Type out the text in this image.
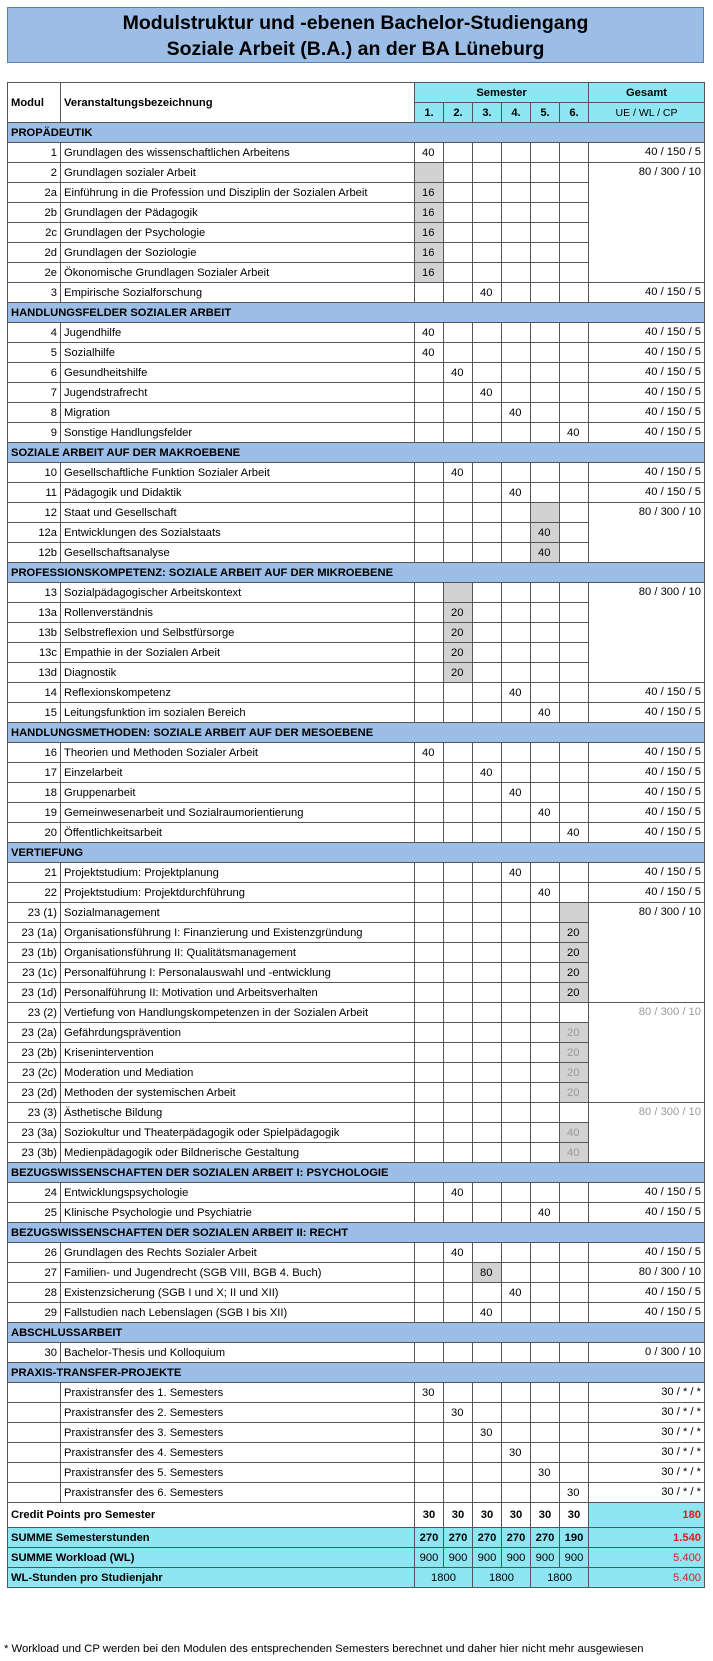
Modulstruktur und -ebenen Bachelor-Studiengang
Soziale Arbeit (B.A.) an der BA Lüneburg
Modul	Veranstaltungsbezeichnung	Semester						Gesamt
		1.	2.	3.	4.	5.	6.	UE / WL / CP
PROPÄDEUTIK								
1	Grundlagen des wissenschaftlichen Arbeitens	40						40 / 150 / 5
2	Grundlagen sozialer Arbeit							80 / 300 / 10
2a	Einführung in die Profession und Disziplin der Sozialen Arbeit	16						
2b	Grundlagen der Pädagogik	16						
2c	Grundlagen der Psychologie	16						
2d	Grundlagen der Soziologie	16						
2e	Ökonomische Grundlagen Sozialer Arbeit	16						
3	Empirische Sozialforschung			40				40 / 150 / 5
HANDLUNGSFELDER SOZIALER ARBEIT								
4	Jugendhilfe	40						40 / 150 / 5
5	Sozialhilfe	40						40 / 150 / 5
6	Gesundheitshilfe		40					40 / 150 / 5
7	Jugendstrafrecht			40				40 / 150 / 5
8	Migration				40			40 / 150 / 5
9	Sonstige Handlungsfelder						40	40 / 150 / 5
SOZIALE ARBEIT AUF DER MAKROEBENE								
10	Gesellschaftliche Funktion Sozialer Arbeit		40					40 / 150 / 5
11	Pädagogik und Didaktik				40			40 / 150 / 5
12	Staat und Gesellschaft							80 / 300 / 10
12a	Entwicklungen des Sozialstaats					40		
12b	Gesellschaftsanalyse					40		
PROFESSIONSKOMPETENZ: SOZIALE ARBEIT AUF DER MIKROEBENE								
13	Sozialpädagogischer Arbeitskontext							80 / 300 / 10
13a	Rollenverständnis		20					
13b	Selbstreflexion und Selbstfürsorge		20					
13c	Empathie in der Sozialen Arbeit		20					
13d	Diagnostik		20					
14	Reflexionskompetenz				40			40 / 150 / 5
15	Leitungsfunktion im sozialen Bereich					40		40 / 150 / 5
HANDLUNGSMETHODEN: SOZIALE ARBEIT AUF DER MESOEBENE								
16	Theorien und Methoden Sozialer Arbeit	40						40 / 150 / 5
17	Einzelarbeit			40				40 / 150 / 5
18	Gruppenarbeit				40			40 / 150 / 5
19	Gemeinwesenarbeit und Sozialraumorientierung					40		40 / 150 / 5
20	Öffentlichkeitsarbeit						40	40 / 150 / 5
VERTIEFUNG								
21	Projektstudium: Projektplanung				40			40 / 150 / 5
22	Projektstudium: Projektdurchführung					40		40 / 150 / 5
23 (1)	Sozialmanagement							80 / 300 / 10
23 (1a)	Organisationsführung I: Finanzierung und Existenzgründung						20	
23 (1b)	Organisationsführung II: Qualitätsmanagement						20	
23 (1c)	Personalführung I: Personalauswahl und -entwicklung						20	
23 (1d)	Personalführung II: Motivation und Arbeitsverhalten						20	
23 (2)	Vertiefung von Handlungskompetenzen in der Sozialen Arbeit							80 / 300 / 10
23 (2a)	Gefährdungsprävention						20	
23 (2b)	Krisenintervention						20	
23 (2c)	Moderation und Mediation						20	
23 (2d)	Methoden der systemischen Arbeit						20	
23 (3)	Ästhetische Bildung							80 / 300 / 10
23 (3a)	Soziokultur und Theaterpädagogik oder Spielpädagogik						40	
23 (3b)	Medienpädagogik oder Bildnerische Gestaltung						40	
BEZUGSWISSENSCHAFTEN DER SOZIALEN ARBEIT I: PSYCHOLOGIE								
24	Entwicklungspsychologie		40					40 / 150 / 5
25	Klinische Psychologie und Psychiatrie					40		40 / 150 / 5
BEZUGSWISSENSCHAFTEN DER SOZIALEN ARBEIT II: RECHT								
26	Grundlagen des Rechts Sozialer Arbeit		40					40 / 150 / 5
27	Familien- und Jugendrecht (SGB VIII, BGB 4. Buch)			80				80 / 300 / 10
28	Existenzsicherung (SGB I und X; II und XII)				40			40 / 150 / 5
29	Fallstudien nach Lebenslagen (SGB I bis XII)			40				40 / 150 / 5
ABSCHLUSSARBEIT								
30	Bachelor-Thesis und Kolloquium							0 / 300 / 10
PRAXIS-TRANSFER-PROJEKTE								
	Praxistransfer des 1. Semesters	30						30 / * / *
	Praxistransfer des 2. Semesters		30					30 / * / *
	Praxistransfer des 3. Semesters			30				30 / * / *
	Praxistransfer des 4. Semesters				30			30 / * / *
	Praxistransfer des 5. Semesters					30		30 / * / *
	Praxistransfer des 6. Semesters						30	30 / * / *
Credit Points pro Semester		30	30	30	30	30	30	180
SUMME Semesterstunden		270	270	270	270	270	190	1.540
SUMME Workload (WL)		900	900	900	900	900	900	5.400
WL-Stunden pro Studienjahr		1800		1800		1800		5.400
* Workload und CP werden bei den Modulen des entsprechenden Semesters berechnet und daher hier nicht mehr ausgewiesen
